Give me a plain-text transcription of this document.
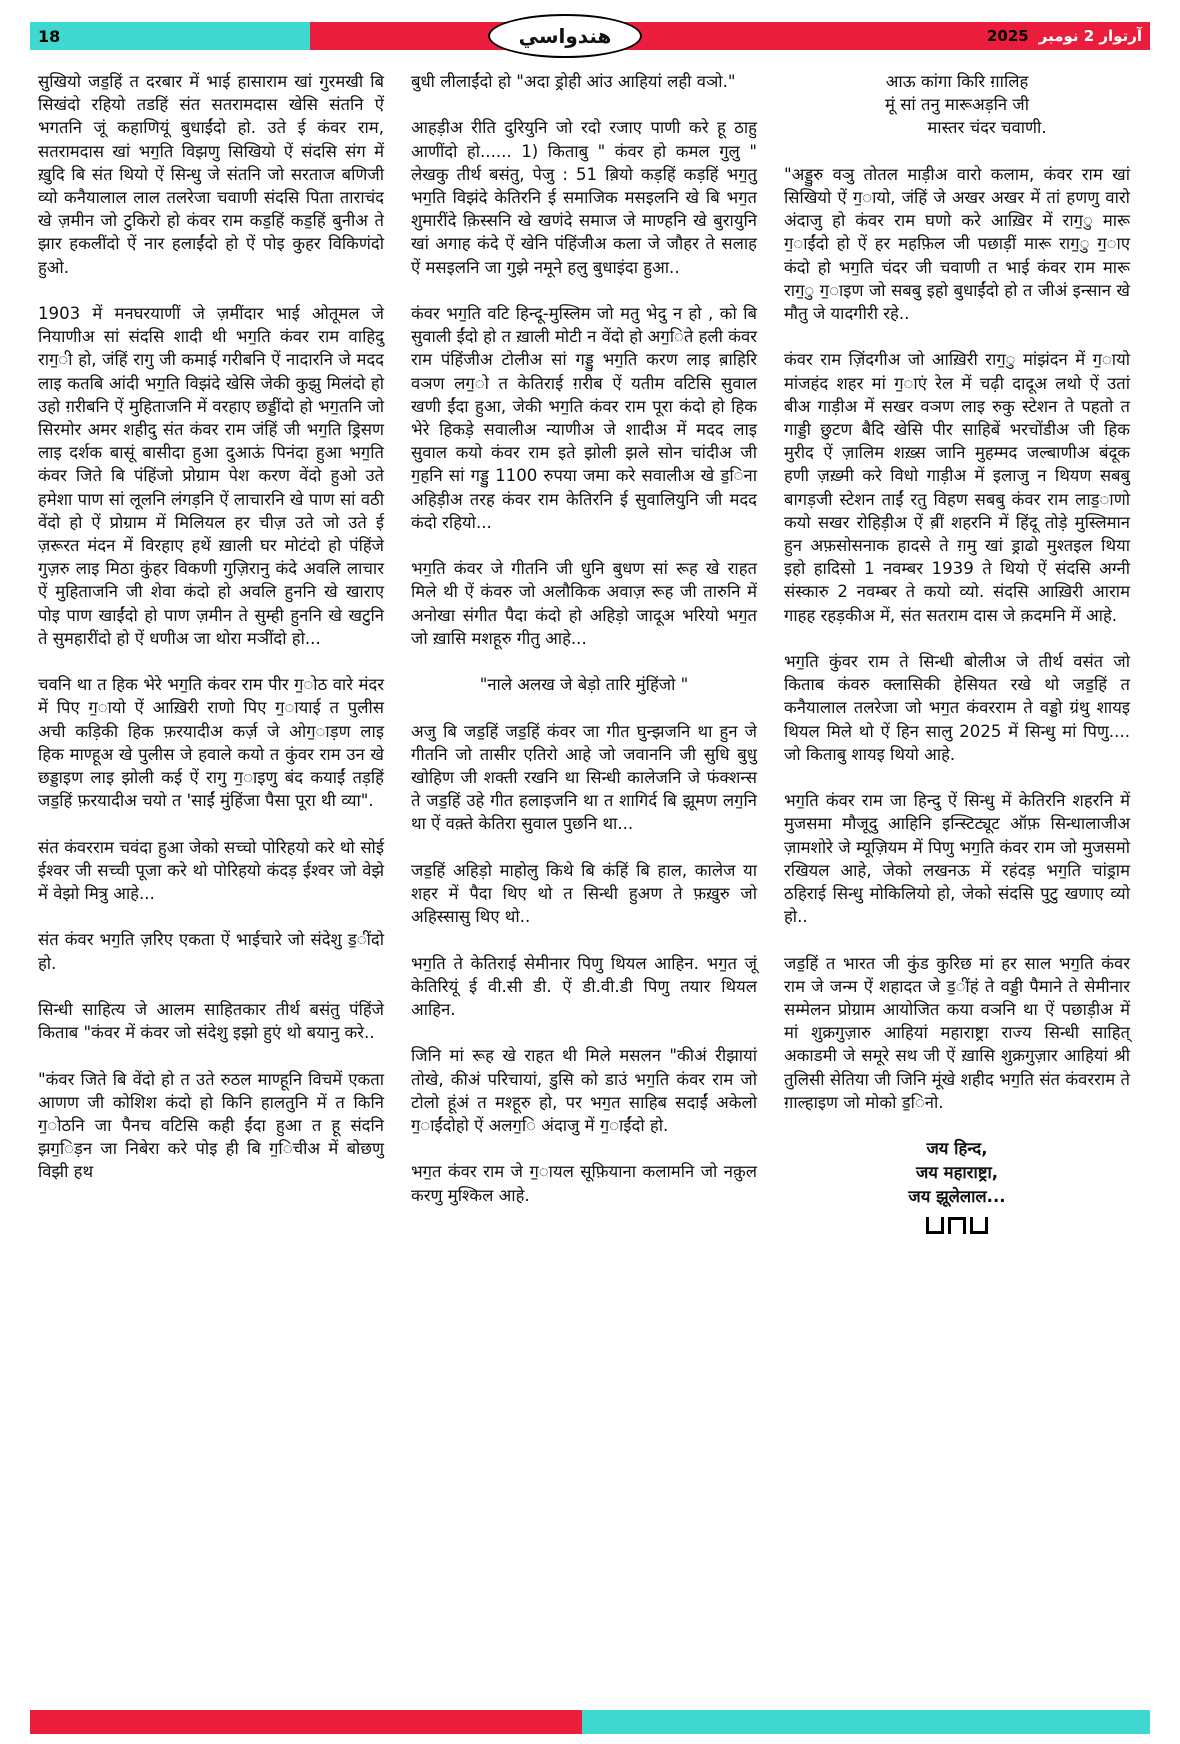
18	2025 آرتوار 2 نومبر
هندواسي

सुखियो जड॒हिं त दरबार में भाई हासाराम खां गुरमखी बि सिखंदो रहियो तडहिं संत सतरामदास खेसि संतनि ऐं भगतनि जूं कहाणियूं बुधाईंदो हो. उते ई कंवर राम, सतरामदास खां भग॒ति विझणु सिखियो ऐं संदसि संग में ख़ुदि बि संत थियो ऐं सिन्धु जे संतनि जो सरताज बणिजी व्यो कनैयालाल लाल तलरेजा चवाणी संदसि पिता ताराचंद खे ज़मीन जो टुकिरो हो कंवर राम कड॒हिं कड॒हिं बुनीअ ते झार हकलींदो ऐं नार हलाईंदो हो ऐं पोइ कुहर विकिणंदो हुओ.

1903 में मनघरयाणीं जे ज़मींदार भाई ओतूमल जे नियाणीअ सां संदसि शादी थी भग॒ति कंवर राम वाहिदु राग॒ी हो, जंहिं रागु जी कमाई गरीबनि ऐं नादारनि जे मदद लाइ कतबि आंदी भग॒ति विझंदे खेसि जेकी कुझु मिलंदो हो उहो ग़रीबनि ऐं मुहिताजनि में वरहाए छड्डींदो हो भग॒तनि जो सिरमोर अमर शहीदु संत कंवर राम जंहिं जी भग॒ति ड्रिसण लाइ दर्शक बासूं बासीदा हुआ दुआऊं पिनंदा हुआ भग॒ति कंवर जिते बि पंहिंजो प्रोग्राम पेश करण वेंदो हुओ उते हमेशा पाण सां लूलनि लंगड़नि ऐं लाचारनि खे पाण सां वठी वेंदो हो ऐं प्रोग्राम में मिलियल हर चीज़ उते जो उते ई ज़रूरत मंदन में विरहाए हथें ख़ाली घर मोटंदो हो पंहिंजे गुज़रु लाइ मिठा कुंहर विकणी गुज़िरानु कंदे अवलि लाचार ऐं मुहिताजनि जी शेवा कंदो हो अवलि हुननि खे खाराए पोइ पाण खाईंदो हो पाण ज़मीन ते सुम्ही हुननि खे खटुनि ते सुमहारींदो हो ऐं धणीअ जा थोरा मञींदो हो...

चवनि था त हिक भेरे भग॒ति कंवर राम पीर ग॒ोठ वारे मंदर में पिए ग॒ायो ऐं आख़िरी राणो पिए ग॒ायाई त पुलीस अची कड़िकी हिक फ़रयादीअ कर्ज़ जे ओग॒ाड़ण लाइ हिक माण्हूअ खे पुलीस जे हवाले कयो त कुंवर राम उन खे छड्डाइण लाइ झोली कई ऐं रागु ग॒ाइणु बंद कयाईं तड़हिं जड॒हिं फ़रयादीअ चयो त 'साईं मुंहिंजा पैसा पूरा थी व्या".

संत कंवरराम चवंदा हुआ जेको सच्चो पोरिहयो करे थो सोई ईश्वर जी सच्ची पूजा करे थो पोरिहयो कंदड़ ईश्वर जो वेझे में वेझो मित्रु आहे...

संत कंवर भग॒ति ज़रिए एकता ऐं भाईचारे जो संदेशु ड॒ींदो हो.

सिन्धी साहित्य जे आलम साहितकार तीर्थ बसंतु पंहिंजे किताब "कंवर में कंवर जो संदेशु इझो हुएं थो बयानु करे..

"कंवर जिते बि वेंदो हो त उते रुठल माण्हूनि विचमें एकता आणण जी कोशिश कंदो हो किनि हालतुनि में त किनि ग॒ोठनि जा पैनच वटिसि कही ईंदा हुआ त हू संदनि झग॒िड़न जा निबेरा करे पोइ ही बि ग॒िचीअ में बोछणु विझी हथ

बुधी लीलाईंदो हो "अदा ड्रोही आंउ आहियां लही वञो."

आहड़ीअ रीति दुरियुनि जो रदो रजाए पाणी करे हू ठाहु आणींदो हो...... 1) किताबु " कंवर हो कमल गुलु " लेखकु तीर्थ बसंतु, पेजु : 51 ब़ियो कड़हिं कड़हिं भग॒तु भग॒ति विझंदे केतिरनि ई समाजिक मसइलनि खे बि भग॒त शुमारींदे क़िस्सनि खे खणंदे समाज जे माण्हनि खे बुरायुनि खां अगाह कंदे ऐं खेनि पंहिंजीअ कला जे जौहर ते सलाह ऐं मसइलनि जा गुझे नमूने हलु बुधाइंदा हुआ..

कंवर भग॒ति वटि हिन्दू-मुस्लिम जो मतु भेदु न हो , को बि सुवाली ईंदो हो त ख़ाली मोटी न वेंदो हो अग॒िते हली कंवर राम पंहिंजीअ टोलीअ सां गड्डु भग॒ति करण लाइ ब़ाहिरि वञण लग॒ो त केतिराई ग़रीब ऐं यतीम वटिसि सुवाल खणी ईंदा हुआ, जेकी भग॒ति कंवर राम पूरा कंदो हो हिक भेरे हिकड़े सवालीअ न्याणीअ जे शादीअ में मदद लाइ सुवाल कयो कंवर राम इते झोली झले सोन चांदीअ जी ग॒हनि सां गड्डु 1100 रुपया जमा करे सवालीअ खे ड॒िना अहिड़ीअ तरह कंवर राम केतिरनि ई सुवालियुनि जी मदद कंदो रहियो...

भग॒ति कंवर जे गीतनि जी धुनि बुधण सां रूह खे राहत मिले थी ऐं कंवरु जो अलौकिक अवाज़ रूह जी तारुनि में अनोखा संगीत पैदा कंदो हो अहिड़ो जादूअ भरियो भग॒त जो ख़ासि मशहूरु गीतु आहे...

"नाले अलख जे बेड़ो तारि मुंहिंजो "

अजु बि जड॒हिं जड॒हिं कंवर जा गीत घुन्झजनि था हुन जे गीतनि जो तासीर एतिरो आहे जो जवाननि जी सुधि बुधु खोहिण जी शक्ती रखनि था सिन्धी कालेजनि जे फंक्शन्स ते जड॒हिं उहे गीत हलाइजनि था त शागिर्द बि झूमण लग॒नि था ऐं वक़्ते केतिरा सुवाल पुछनि था...

जड॒हिं अहिड़ो माहोलु किथे बि कंहिं बि हाल, कालेज या शहर में पैदा थिए थो त सिन्धी हुअण ते फ़ख़ुरु जो अहिस्सासु थिए थो..

भग॒ति ते केतिराई सेमीनार पिणु थियल आहिन. भग॒त जूं केतिरियूं ई वी.सी डी. ऐं डी.वी.डी पिणु तयार थियल आहिन.

जिनि मां रूह खे राहत थी मिले मसलन "कीअं रीझायां तोखे, कीअं परिचायां, डुसि को डाउं भग॒ति कंवर राम जो टोलो हूंअं त मश्हूरु हो, पर भग॒त साहिब सदाईं अकेलो ग॒ाईंदोहो ऐं अलग॒ि अंदाजु में ग॒ाईंदो हो.

भग॒त कंवर राम जे ग॒ायल सूफ़ियाना कलामनि जो नक़ुल करणु मुश्किल आहे.

आऊ कांगा किरि ग़ालिह
मूं सां तनु मारूअड़नि जी
मास्तर चंदर चवाणी.

"अड्डुरु वञु तोतल माड़ीअ वारो कलाम, कंवर राम खां सिखियो ऐं ग॒ायो, जंहिं जे अखर अखर में तां हणणु वारो अंदाजु हो कंवर राम घणो करे आख़िर में राग॒ु मारू ग॒ाईंदो हो ऐं हर महफ़िल जी पछाड़ीं मारू राग॒ु ग॒ाए कंदो हो भग॒ति चंदर जी चवाणी त भाई कंवर राम मारू राग॒ु ग॒ाइण जो सबबु इहो बुधाईंदो हो त जीअं इन्सान खे मौतु जे यादगीरी रहे..

कंवर राम ज़िंदगीअ जो आख़िरी राग॒ु मांझंदन में ग॒ायो मांजहंद शहर मां ग॒ाएं रेल में चढ़ी दादूअ लथो ऐं उतां बीअ गाड़ीअ में सखर वञण लाइ रुकु स्टेशन ते पहतो त गाड्डी छुटण बैदि खेसि पीर साहिबें भरचोंडीअ जी हिक मुरीद ऐं ज़ालिम शख़्स जानि मुहम्मद जल्बाणीअ बंदूक हणी ज़ख़्मी करे विधो गाड़ीअ में इलाजु न थियण सबबु बागड़जी स्टेशन ताईं रतु विहण सबबु कंवर राम लाड॒ाणो कयो सखर रोहिड़ीअ ऐं ब़ीं शहरनि में हिंदू तोड़े मुस्लिमान हुन अफ़सोसनाक हादसे ते ग़मु खां ड्राढो मुश्तइल थिया इहो हादिसो 1 नवम्बर 1939 ते थियो ऐं संदसि अग्नी संस्कारु 2 नवम्बर ते कयो व्यो. संदसि आख़िरी आराम गाहह रहड़कीअ में, संत सतराम दास जे क़दमनि में आहे.

भग॒ति कुंवर राम ते सिन्धी बोलीअ जे तीर्थ वसंत जो किताब कंवरु क्लासिकी हेसियत रखे थो जड॒हिं त कनैयालाल तलरेजा जो भग॒त कंवरराम ते वड्डो ग्रंथु शायइ थियल मिले थो ऐं हिन सालु 2025 में सिन्धु मां पिणु.... जो किताबु शायइ थियो आहे.

भग॒ति कंवर राम जा हिन्दु ऐं सिन्धु में केतिरनि शहरनि में मुजसमा मौजूदु आहिनि इन्स्टिट्यूट ऑफ़ सिन्धालाजीअ ज़ामशोरे जे म्यूज़ियम में पिणु भग॒ति कंवर राम जो मुजसमो रखियल आहे, जेको लखनऊ में रहंदड़ भग॒ति चांड्राम ठहिराई सिन्धु मोकिलियो हो, जेको संदसि पुटु खणाए व्यो हो..

जड॒हिं त भारत जी कुंड कुरिछ मां हर साल भग॒ति कंवर राम जे जन्म ऐं शहादत जे ड॒ींहं ते वड्डी पैमाने ते सेमीनार सम्मेलन प्रोग्राम आयोजित कया वञनि था ऐं पछाड़ीअ में मां शुक्रगुज़ारु आहियां महाराष्ट्रा राज्य सिन्धी साहित् अकाडमी जे समूरे सथ जी ऐं ख़ासि शुक्रगुज़ार आहियां श्री तुलिसी सेतिया जी जिनि मूंखे शहीद भग॒ति संत कंवरराम ते ग़ाल्हाइण जो मोको ड॒िनो.

जय हिन्द,
जय महाराष्ट्रा,
जय झूलेलाल...
